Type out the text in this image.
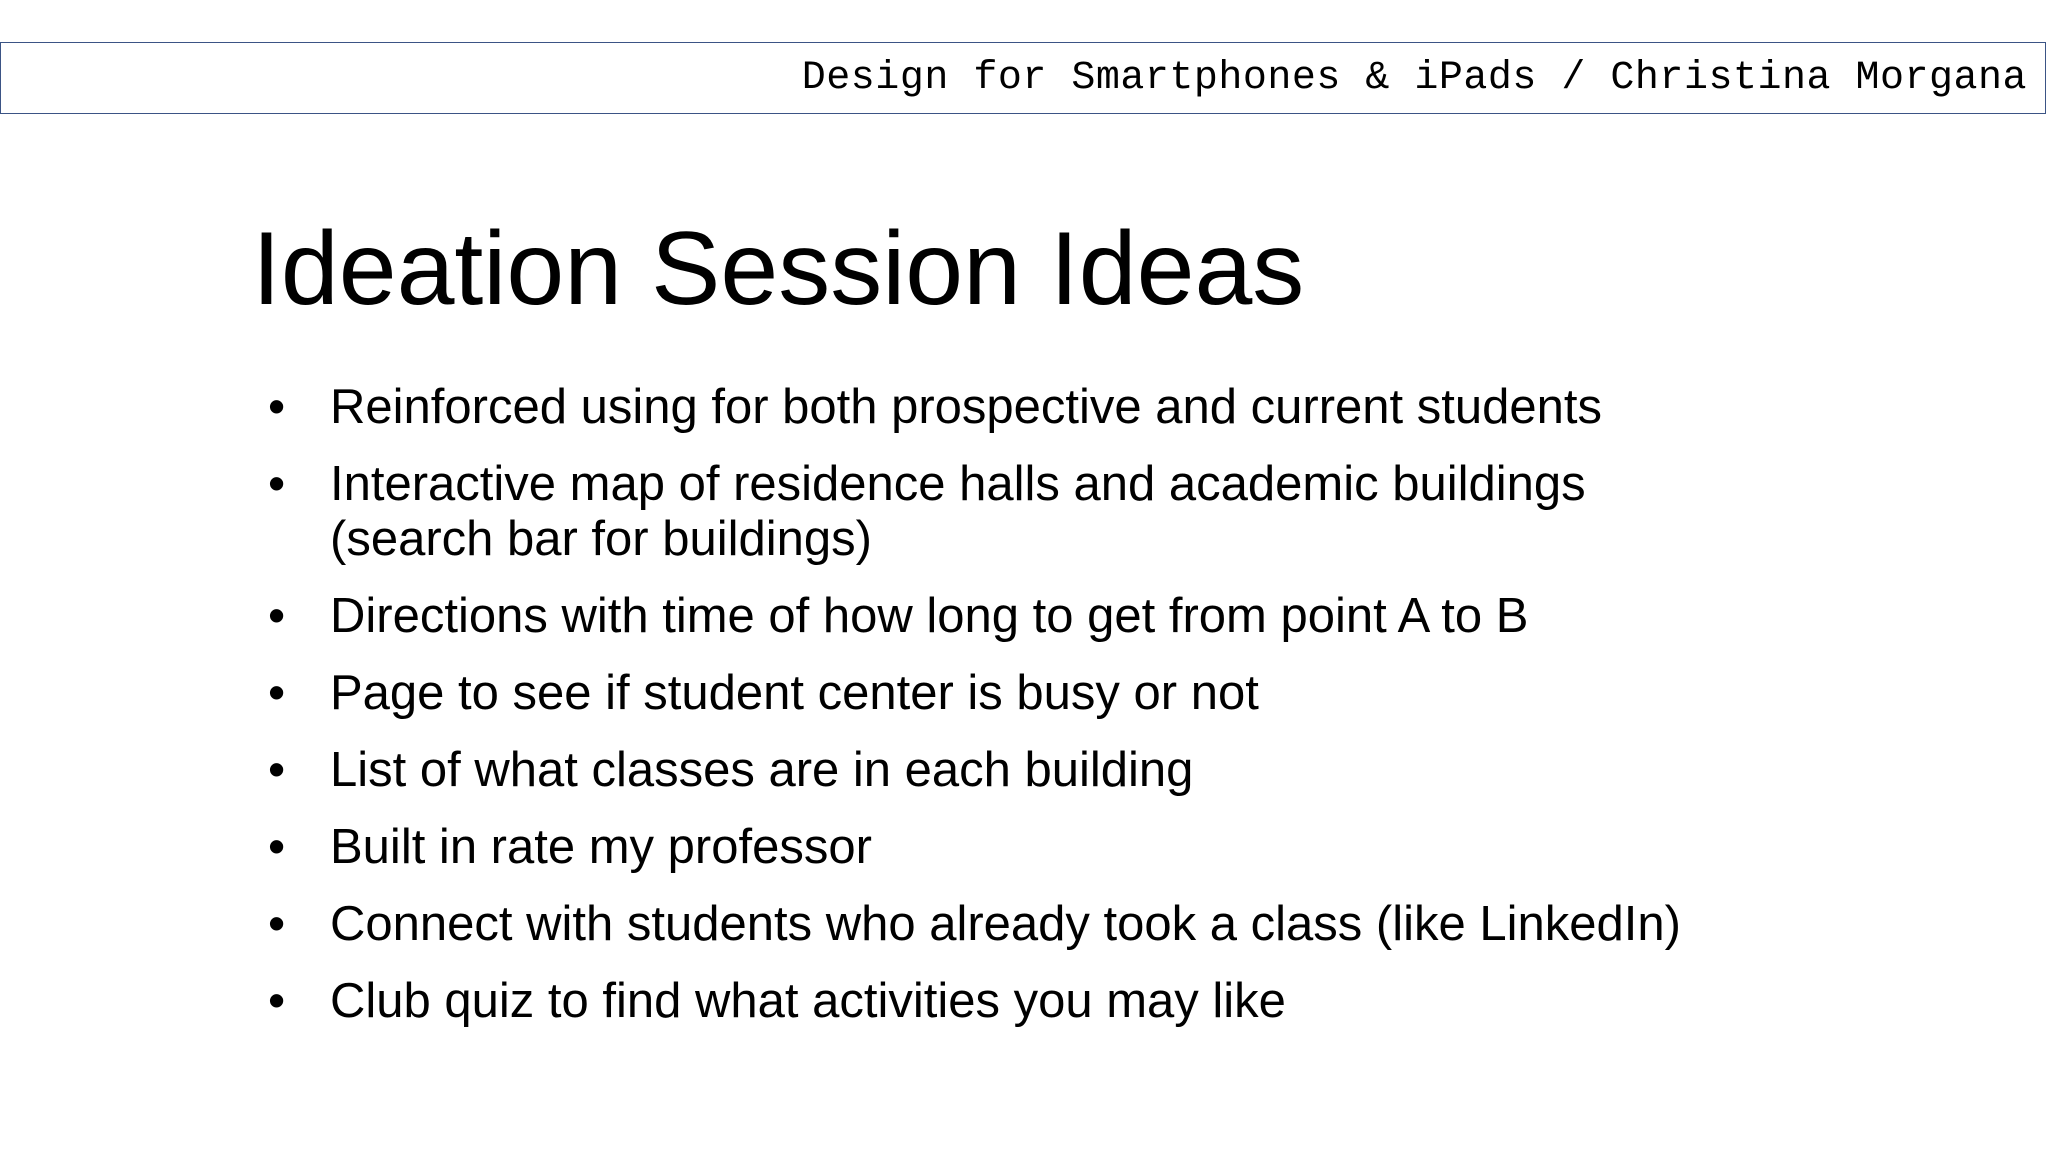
Design for Smartphones & iPads / Christina Morgana
Ideation Session Ideas
• Reinforced using for both prospective and current students
• Interactive map of residence halls and academic buildings
(search bar for buildings)
• Directions with time of how long to get from point A to B
• Page to see if student center is busy or not
• List of what classes are in each building
• Built in rate my professor
• Connect with students who already took a class (like LinkedIn)
• Club quiz to find what activities you may like
